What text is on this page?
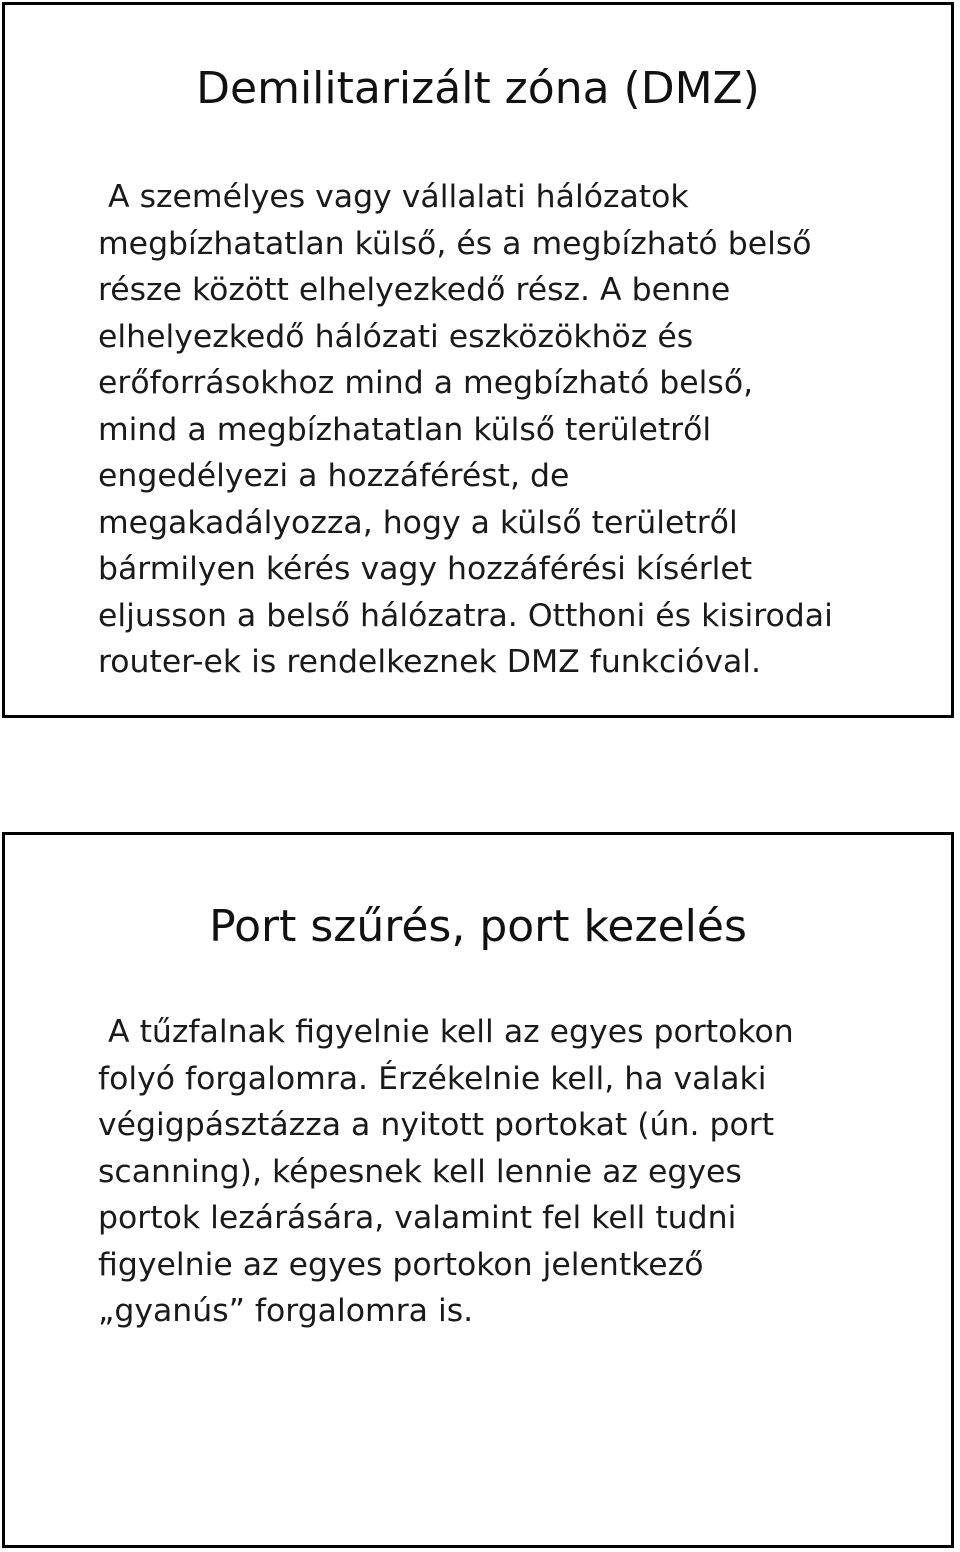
Demilitarizált zóna (DMZ)

A személyes vagy vállalati hálózatok
megbízhatatlan külső, és a megbízható belső
része között elhelyezkedő rész. A benne
elhelyezkedő hálózati eszközökhöz és
erőforrásokhoz mind a megbízható belső,
mind a megbízhatatlan külső területről
engedélyezi a hozzáférést, de
megakadályozza, hogy a külső területről
bármilyen kérés vagy hozzáférési kísérlet
eljusson a belső hálózatra. Otthoni és kisirodai
router-ek is rendelkeznek DMZ funkcióval.

Port szűrés, port kezelés

A tűzfalnak figyelnie kell az egyes portokon
folyó forgalomra. Érzékelnie kell, ha valaki
végigpásztázza a nyitott portokat (ún. port
scanning), képesnek kell lennie az egyes
portok lezárására, valamint fel kell tudni
figyelnie az egyes portokon jelentkező
„gyanús” forgalomra is.
